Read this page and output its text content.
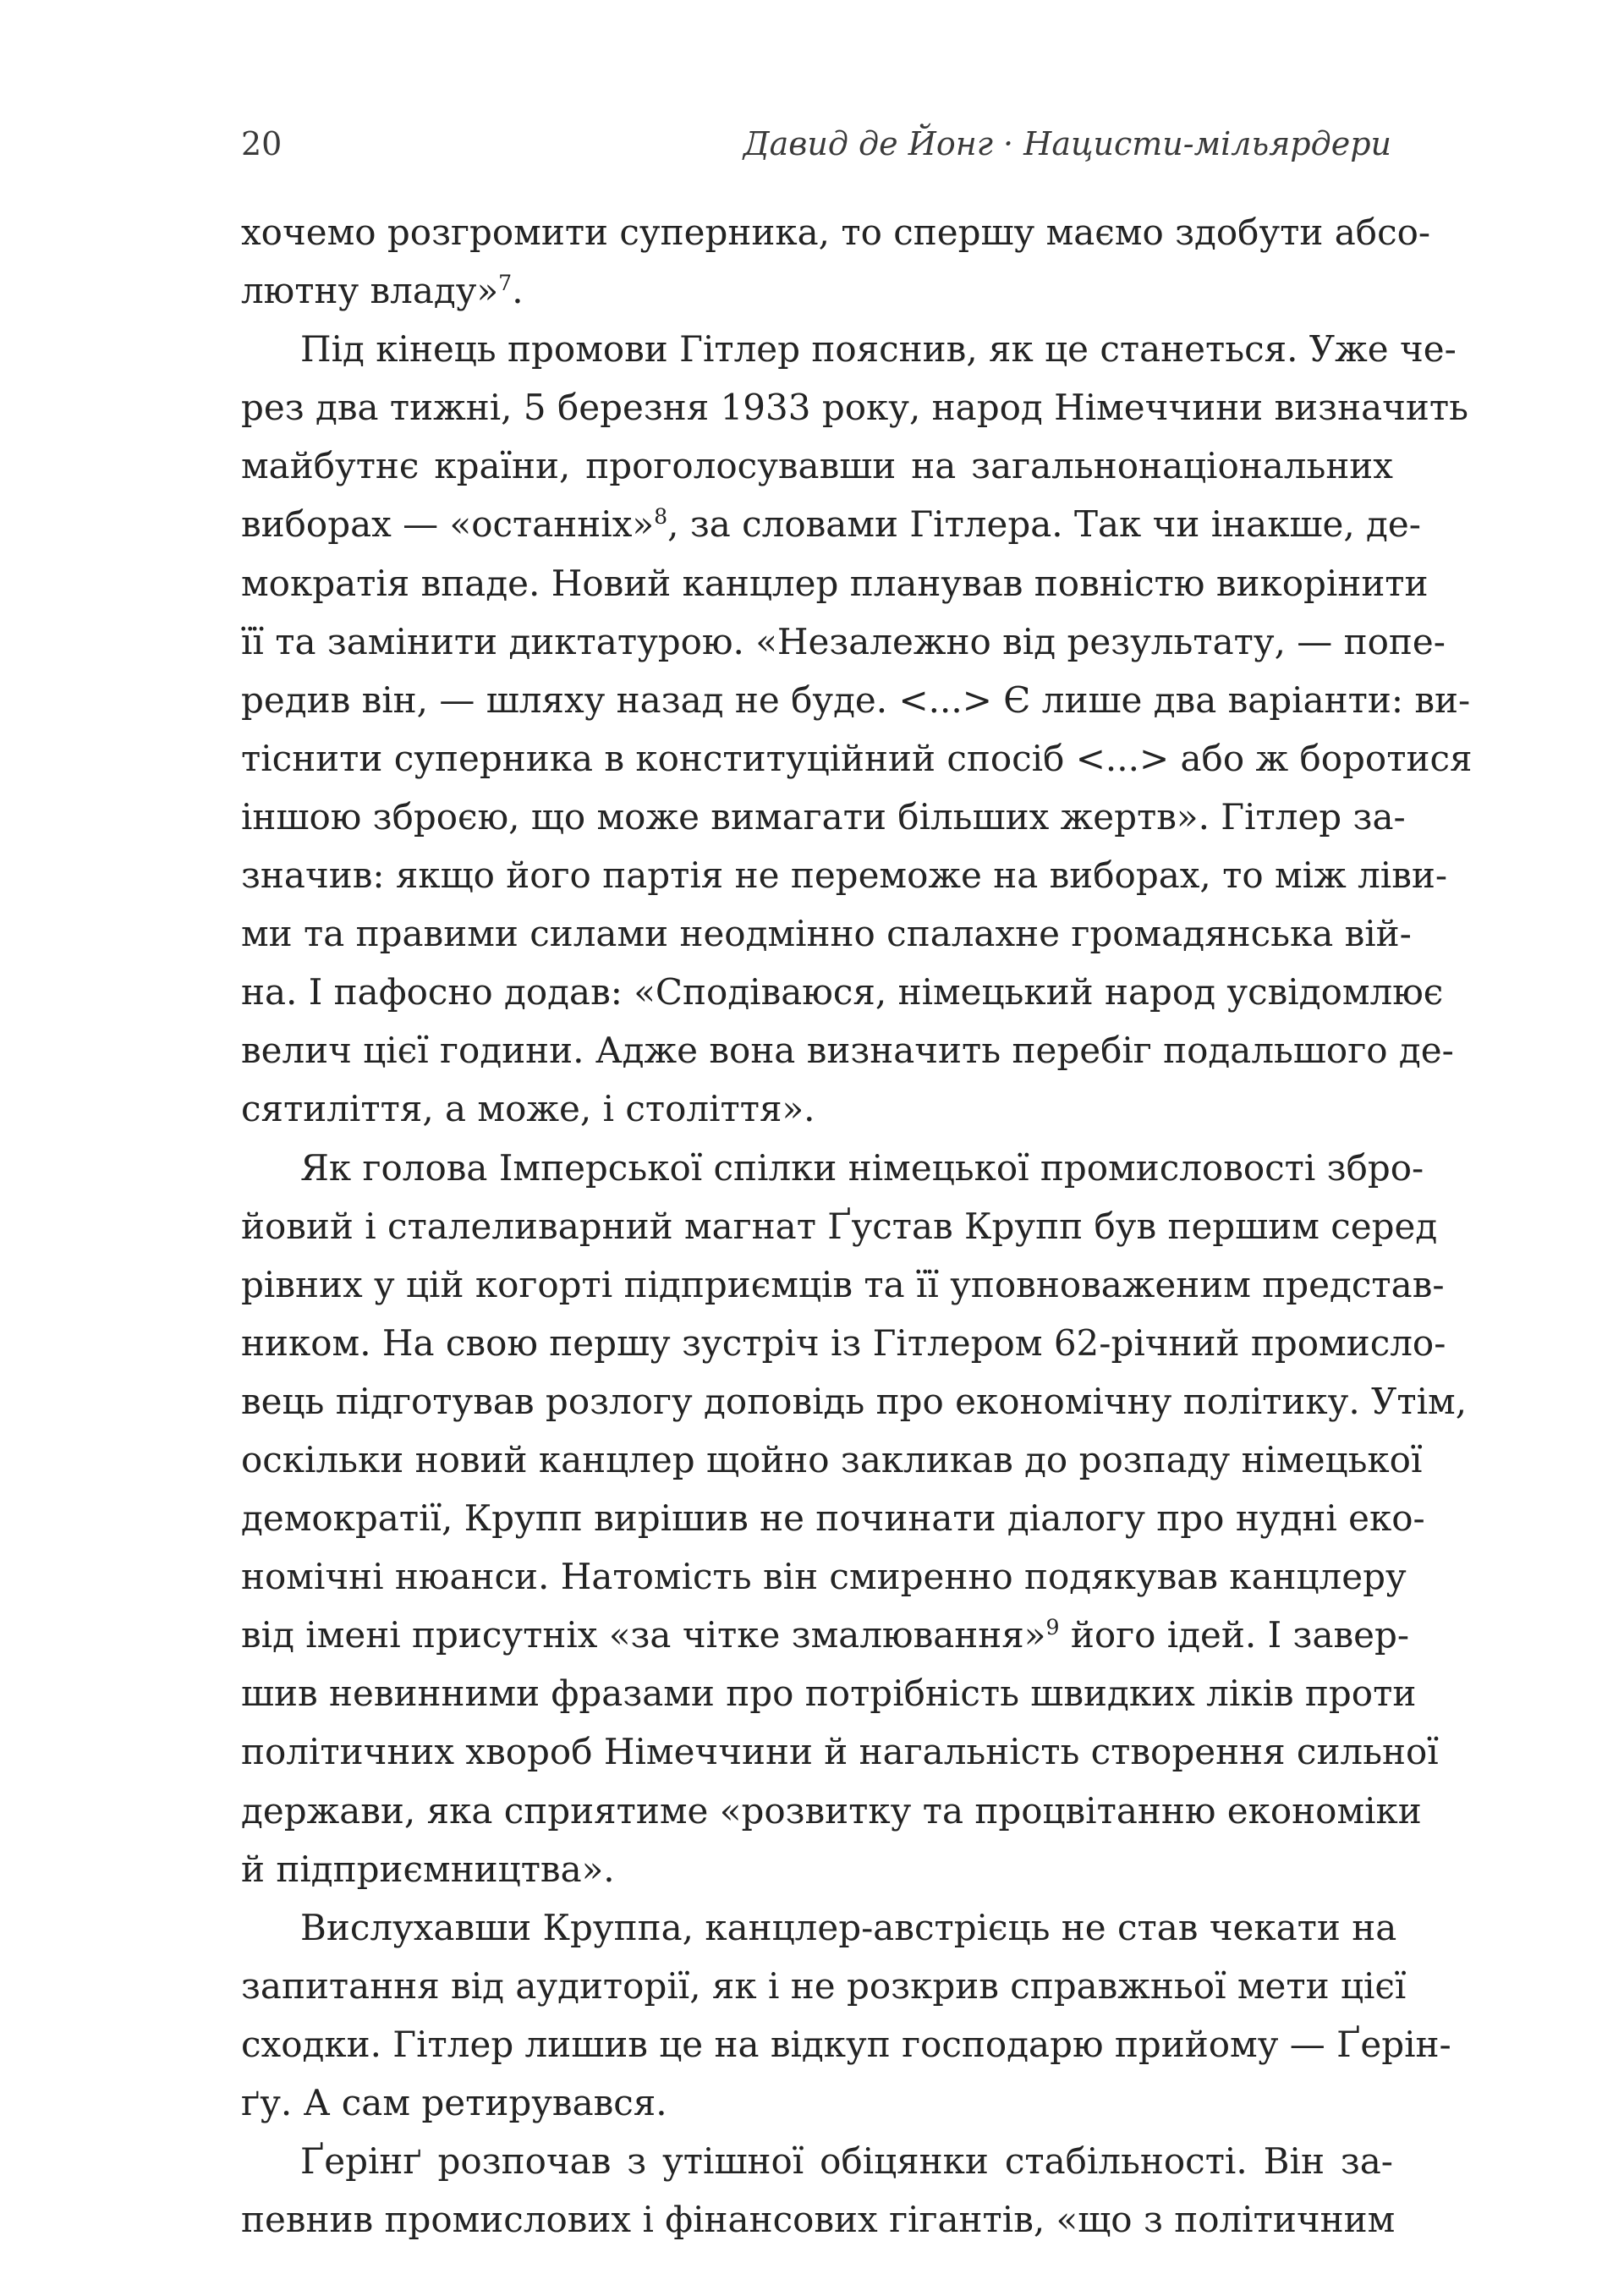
20	Давид де Йонг · Нацисти-мільярдери
хочемо розгромити суперника, то спершу маємо здобути абсо-
лютну владу»$^7$.
Під кінець промови Гітлер пояснив, як це станеться. Уже че-
рез два тижні, 5 березня 1933 року, народ Німеччини визначить
майбутнє країни, проголосувавши на загальнонаціональних
виборах — «останніх»$^8$, за словами Гітлера. Так чи інакше, де-
мократія впаде. Новий канцлер планував повністю викорінити
її та замінити диктатурою. «Незалежно від результату, — попе-
редив він, — шляху назад не буде. <...> Є лише два варіанти: ви-
тіснити суперника в конституційний спосіб <...> або ж боротися
іншою зброєю, що може вимагати більших жертв». Гітлер за-
значив: якщо його партія не переможе на виборах, то між ліви-
ми та правими силами неодмінно спалахне громадянська вій-
на. І пафосно додав: «Сподіваюся, німецький народ усвідомлює
велич цієї години. Адже вона визначить перебіг подальшого де-
сятиліття, а може, і століття».
Як голова Імперської спілки німецької промисловості збро-
йовий і сталеливарний магнат Ґустав Крупп був першим серед
рівних у цій когорті підприємців та її уповноваженим представ-
ником. На свою першу зустріч із Гітлером 62-річний промисло-
вець підготував розлогу доповідь про економічну політику. Утім,
оскільки новий канцлер щойно закликав до розпаду німецької
демократії, Крупп вирішив не починати діалогу про нудні еко-
номічні нюанси. Натомість він смиренно подякував канцлеру
від імені присутніх «за чітке змалювання»$^9$ його ідей. І завер-
шив невинними фразами про потрібність швидких ліків проти
політичних хвороб Німеччини й нагальність створення сильної
держави, яка сприятиме «розвитку та процвітанню економіки
й підприємництва».
Вислухавши Круппа, канцлер-австрієць не став чекати на
запитання від аудиторії, як і не розкрив справжньої мети цієї
сходки. Гітлер лишив це на відкуп господарю прийому — Ґерін-
ґу. А сам ретирувався.
Ґерінґ розпочав з утішної обіцянки стабільності. Він за-
певнив промислових і фінансових гігантів, «що з політичним
